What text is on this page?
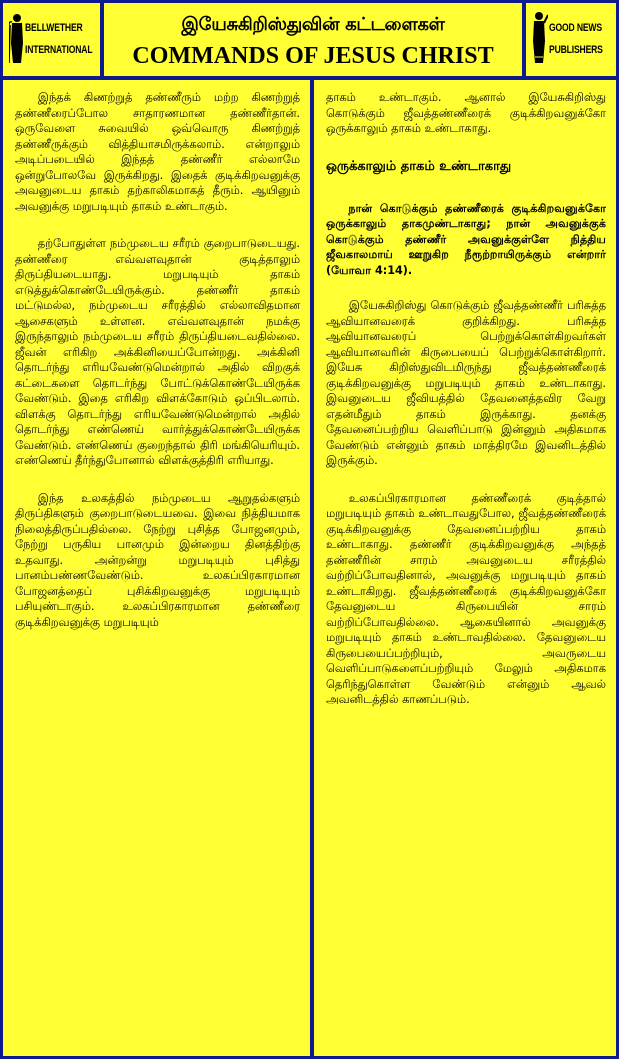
BELLWETHER
INTERNATIONAL
இயேசுகிறிஸ்துவின் கட்டளைகள்
COMMANDS OF JESUS CHRIST
GOOD NEWS
PUBLISHERS

இந்தக் கிணற்றுத் தண்ணீரும் மற்ற கிணற்றுத் தண்ணீரைப்போல சாதாரணமான தண்ணீர்தான். ஒருவேளை சுவையில் ஒவ்வொரு கிணற்றுத் தண்ணீருக்கும் வித்தியாசமிருக்கலாம். என்றாலும் அடிப்படையில் இந்தத் தண்ணீர் எல்லாமே ஒன்றுபோலவே இருக்கிறது. இதைக் குடிக்கிறவனுக்கு அவனுடைய தாகம் தற்காலிகமாகத் தீரும். ஆயினும் அவனுக்கு மறுபடியும் தாகம் உண்டாகும்.

தற்போதுள்ள நம்முடைய சரீரம் குறைபாடுடையது. தண்ணீரை எவ்வளவுதான் குடித்தாலும் திருப்தியடையாது. மறுபடியும் தாகம் எடுத்துக்கொண்டேயிருக்கும். தண்ணீர் தாகம் மட்டுமல்ல, நம்முடைய சரீரத்தில் எல்லாவிதமான ஆசைகளும் உள்ளன. எவ்வளவுதான் நமக்கு இருந்தாலும் நம்முடைய சரீரம் திருப்தியடைவதில்லை. ஜீவன் எரிகிற அக்கினியைப்போன்றது. அக்கினி தொடர்ந்து எரியவேண்டுமென்றால் அதில் விறகுக் கட்டைகளை தொடர்ந்து போட்டுக்கொண்டேயிருக்க வேண்டும். இதை எரிகிற விளக்கோடும் ஒப்பிடலாம். விளக்கு தொடர்ந்து எரியவேண்டுமென்றால் அதில் தொடர்ந்து எண்ணெய் வார்த்துக்கொண்டேயிருக்க வேண்டும். எண்ணெய் குறைந்தால் திரி மங்கியெரியும். எண்ணெய் தீர்ந்துபோனால் விளக்குத்திரி எரியாது.

இந்த உலகத்தில் நம்முடைய ஆறுதல்களும் திருப்திகளும் குறைபாடுடையவை. இவை நித்தியமாக நிலைத்திருப்பதில்லை. நேற்று புசித்த போஜனமும், நேற்று பருகிய பானமும் இன்றைய தினத்திற்கு உதவாது. அன்றன்று மறுபடியும் புசித்து பானம்பண்ணவேண்டும். உலகப்பிரகாரமான போஜனத்தைப் புசிக்கிறவனுக்கு மறுபடியும் பசியுண்டாகும். உலகப்பிரகாரமான தண்ணீரை குடிக்கிறவனுக்கு மறுபடியும்

தாகம் உண்டாகும். ஆனால் இயேசுகிறிஸ்து கொடுக்கும் ஜீவத்தண்ணீரைக் குடிக்கிறவனுக்கோ ஒருக்காலும் தாகம் உண்டாகாது.

ஒருக்காலும் தாகம் உண்டாகாது

நான் கொடுக்கும் தண்ணீரைக் குடிக்கிறவனுக்கோ ஒருக்காலும் தாகமுண்டாகாது; நான் அவனுக்குக் கொடுக்கும் தண்ணீர் அவனுக்குள்ளே நித்திய ஜீவகாலமாய் ஊறுகிற நீரூற்றாயிருக்கும் என்றார் (யோவா 4:14).

இயேசுகிறிஸ்து கொடுக்கும் ஜீவத்தண்ணீர் பரிசுத்த ஆவியானவரைக் குறிக்கிறது. பரிசுத்த ஆவியானவரைப் பெற்றுக்கொள்கிறவர்கள் ஆவியானவரின் கிருபையைப் பெற்றுக்கொள்கிறார். இயேசு கிறிஸ்துவிடமிருந்து ஜீவத்தண்ணீரைக் குடிக்கிறவனுக்கு மறுபடியும் தாகம் உண்டாகாது. இவனுடைய ஜீவியத்தில் தேவனைத்தவிர வேறு எதன்மீதும் தாகம் இருக்காது. தனக்கு தேவனைப்பற்றிய வெளிப்பாடு இன்னும் அதிகமாக வேண்டும் என்னும் தாகம் மாத்திரமே இவனிடத்தில் இருக்கும்.

உலகப்பிரகாரமான தண்ணீரைக் குடித்தால் மறுபடியும் தாகம் உண்டாவதுபோல, ஜீவத்தண்ணீரைக் குடிக்கிறவனுக்கு தேவனைப்பற்றிய தாகம் உண்டாகாது. தண்ணீர் குடிக்கிறவனுக்கு அந்தத் தண்ணீரின் சாரம் அவனுடைய சரீரத்தில் வற்றிப்போவதினால், அவனுக்கு மறுபடியும் தாகம் உண்டாகிறது. ஜீவத்தண்ணீரைக் குடிக்கிறவனுக்கோ தேவனுடைய கிருபையின் சாரம் வற்றிப்போவதில்லை. ஆகையினால் அவனுக்கு மறுபடியும் தாகம் உண்டாவதில்லை. தேவனுடைய கிருபையைப்பற்றியும், அவருடைய வெளிப்பாடுகளைப்பற்றியும் மேலும் அதிகமாக தெரிந்துகொள்ள வேண்டும் என்னும் ஆவல் அவனிடத்தில் காணப்படும்.
